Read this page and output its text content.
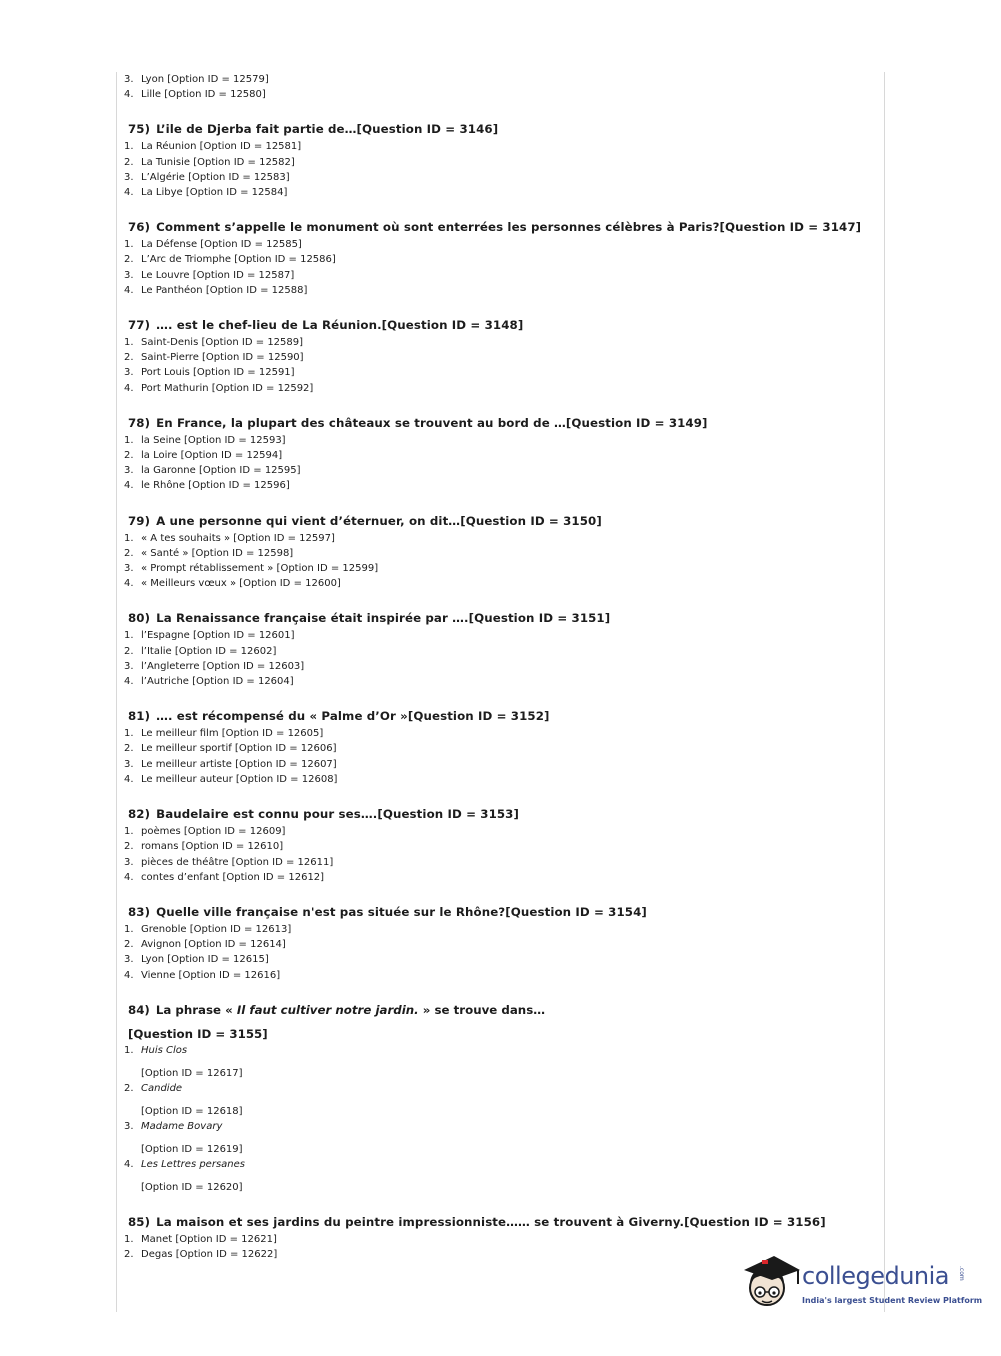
3. Lyon [Option ID = 12579]
4. Lille [Option ID = 12580]
75) L’ile de Djerba fait partie de…[Question ID = 3146]
1. La Réunion [Option ID = 12581]
2. La Tunisie [Option ID = 12582]
3. L’Algérie [Option ID = 12583]
4. La Libye [Option ID = 12584]
76) Comment s’appelle le monument où sont enterrées les personnes célèbres à Paris?[Question ID = 3147]
1. La Défense [Option ID = 12585]
2. L’Arc de Triomphe [Option ID = 12586]
3. Le Louvre [Option ID = 12587]
4. Le Panthéon [Option ID = 12588]
77) …. est le chef-lieu de La Réunion.[Question ID = 3148]
1. Saint-Denis [Option ID = 12589]
2. Saint-Pierre [Option ID = 12590]
3. Port Louis [Option ID = 12591]
4. Port Mathurin [Option ID = 12592]
78) En France, la plupart des châteaux se trouvent au bord de …[Question ID = 3149]
1. la Seine [Option ID = 12593]
2. la Loire [Option ID = 12594]
3. la Garonne [Option ID = 12595]
4. le Rhône [Option ID = 12596]
79) A une personne qui vient d’éternuer, on dit…[Question ID = 3150]
1. « A tes souhaits » [Option ID = 12597]
2. « Santé » [Option ID = 12598]
3. « Prompt rétablissement » [Option ID = 12599]
4. « Meilleurs vœux » [Option ID = 12600]
80) La Renaissance française était inspirée par ….[Question ID = 3151]
1. l’Espagne [Option ID = 12601]
2. l’Italie [Option ID = 12602]
3. l’Angleterre [Option ID = 12603]
4. l’Autriche [Option ID = 12604]
81) …. est récompensé du « Palme d’Or »[Question ID = 3152]
1. Le meilleur film [Option ID = 12605]
2. Le meilleur sportif [Option ID = 12606]
3. Le meilleur artiste [Option ID = 12607]
4. Le meilleur auteur [Option ID = 12608]
82) Baudelaire est connu pour ses….[Question ID = 3153]
1. poèmes [Option ID = 12609]
2. romans [Option ID = 12610]
3. pièces de théâtre [Option ID = 12611]
4. contes d’enfant [Option ID = 12612]
83) Quelle ville française n'est pas située sur le Rhône?[Question ID = 3154]
1. Grenoble [Option ID = 12613]
2. Avignon [Option ID = 12614]
3. Lyon [Option ID = 12615]
4. Vienne [Option ID = 12616]
84) La phrase « Il faut cultiver notre jardin. » se trouve dans…
[Question ID = 3155]
1. Huis Clos
[Option ID = 12617]
2. Candide
[Option ID = 12618]
3. Madame Bovary
[Option ID = 12619]
4. Les Lettres persanes
[Option ID = 12620]
85) La maison et ses jardins du peintre impressionniste…… se trouvent à Giverny.[Question ID = 3156]
1. Manet [Option ID = 12621]
2. Degas [Option ID = 12622]
collegedunia .com
India's largest Student Review Platform
